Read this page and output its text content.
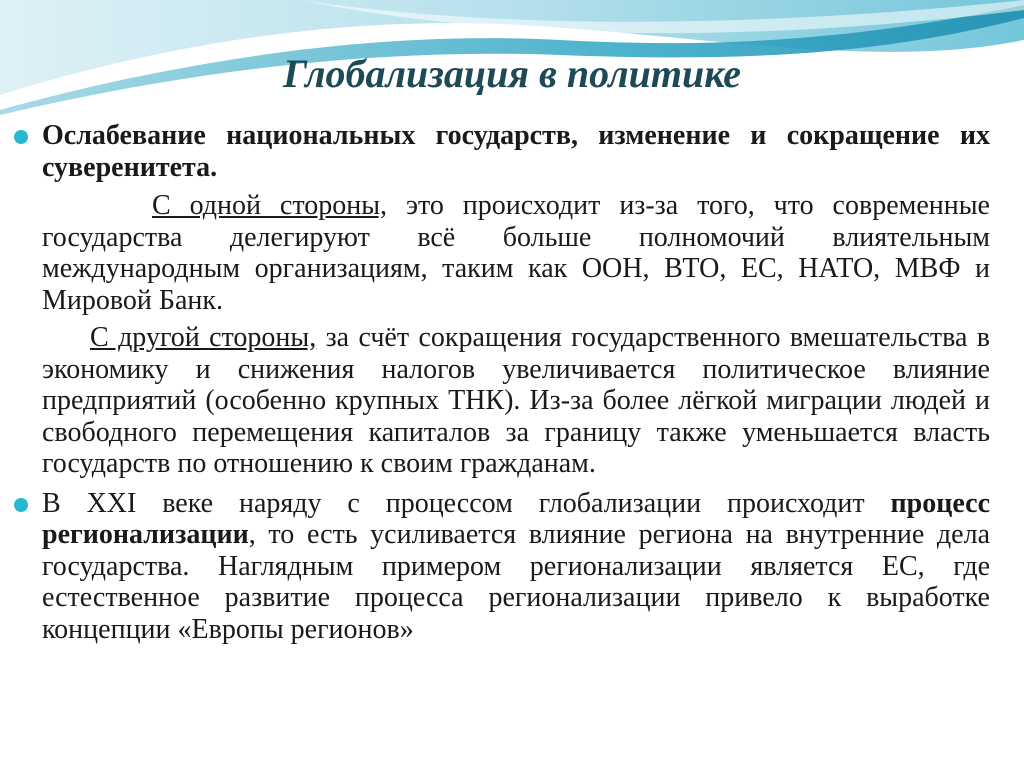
Глобализация в политике

Ослабевание национальных государств, изменение и сокращение их суверенитета.

С одной стороны, это происходит из-за того, что современные государства делегируют всё больше полномочий влиятельным международным организациям, таким как ООН, ВТО, ЕС, НАТО, МВФ и Мировой Банк.

С другой стороны, за счёт сокращения государственного вмешательства в экономику и снижения налогов увеличивается политическое влияние предприятий (особенно крупных ТНК). Из-за более лёгкой миграции людей и свободного перемещения капиталов за границу также уменьшается власть государств по отношению к своим гражданам.

В XXI веке наряду с процессом глобализации происходит процесс регионализации, то есть усиливается влияние региона на внутренние дела государства. Наглядным примером регионализации является ЕС, где естественное развитие процесса регионализации привело к выработке концепции «Европы регионов»
